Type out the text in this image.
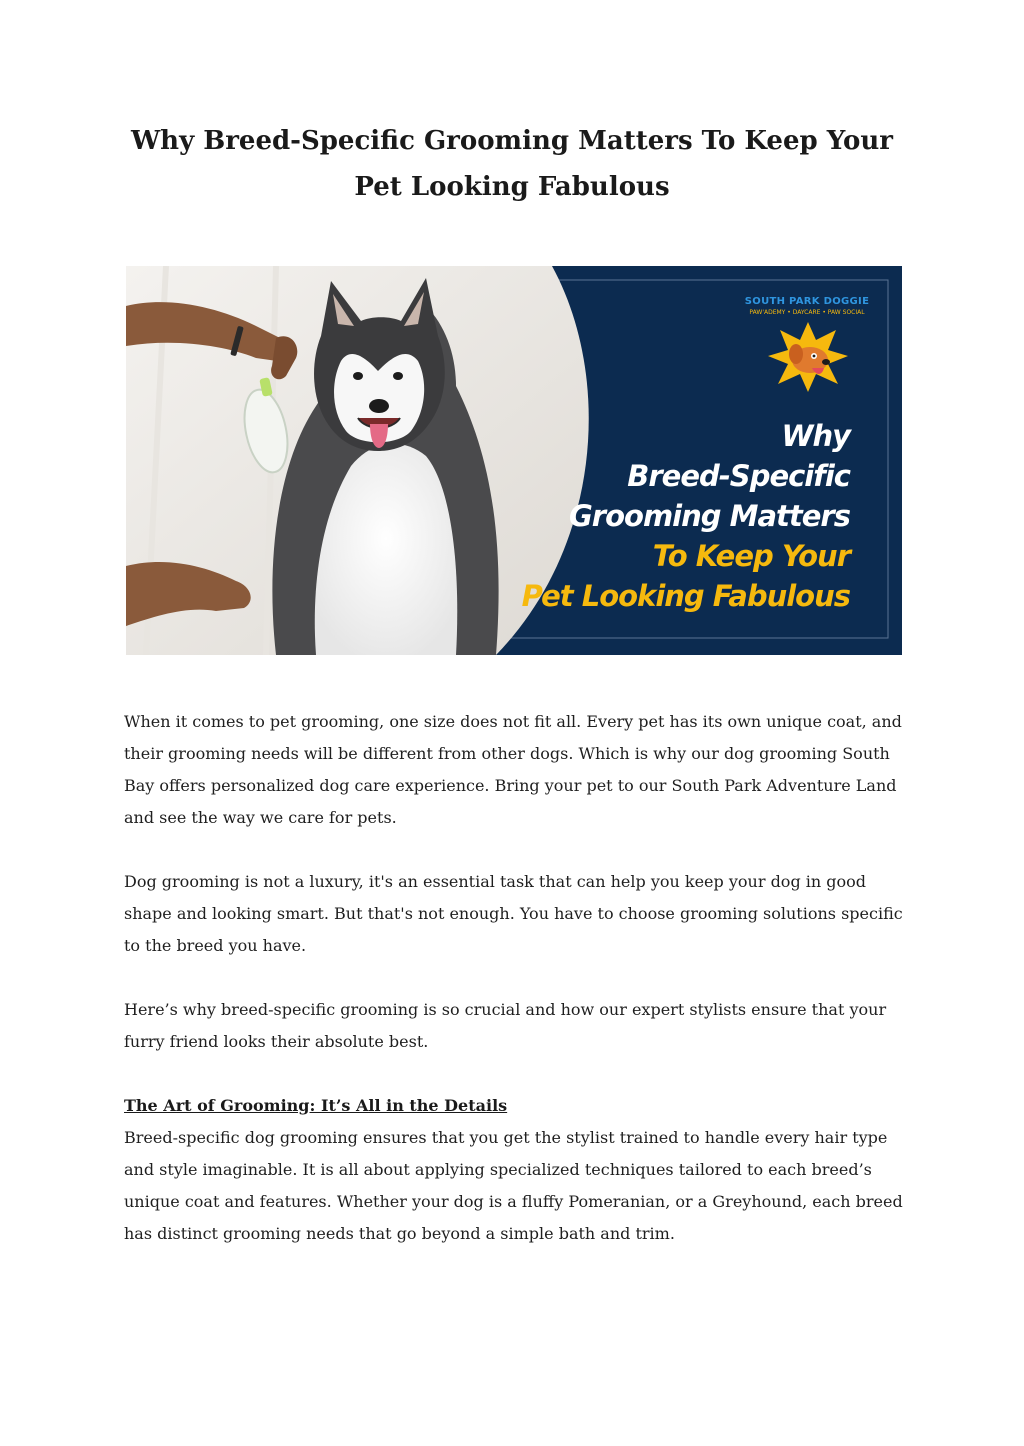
Why Breed-Specific Grooming Matters To Keep Your Pet Looking Fabulous
SOUTH PARK DOGGIE
PAW'ADEMY • DAYCARE • PAW SOCIAL
Why
Breed-Specific
Grooming Matters
To Keep Your
Pet Looking Fabulous

When it comes to pet grooming, one size does not fit all. Every pet has its own unique coat, and their grooming needs will be different from other dogs. Which is why our dog grooming South Bay offers personalized dog care experience. Bring your pet to our South Park Adventure Land and see the way we care for pets.

Dog grooming is not a luxury, it's an essential task that can help you keep your dog in good shape and looking smart. But that's not enough. You have to choose grooming solutions specific to the breed you have.

Here’s why breed-specific grooming is so crucial and how our expert stylists ensure that your furry friend looks their absolute best.

The Art of Grooming: It’s All in the Details

Breed-specific dog grooming ensures that you get the stylist trained to handle every hair type and style imaginable. It is all about applying specialized techniques tailored to each breed’s unique coat and features. Whether your dog is a fluffy Pomeranian, or a Greyhound, each breed has distinct grooming needs that go beyond a simple bath and trim.
